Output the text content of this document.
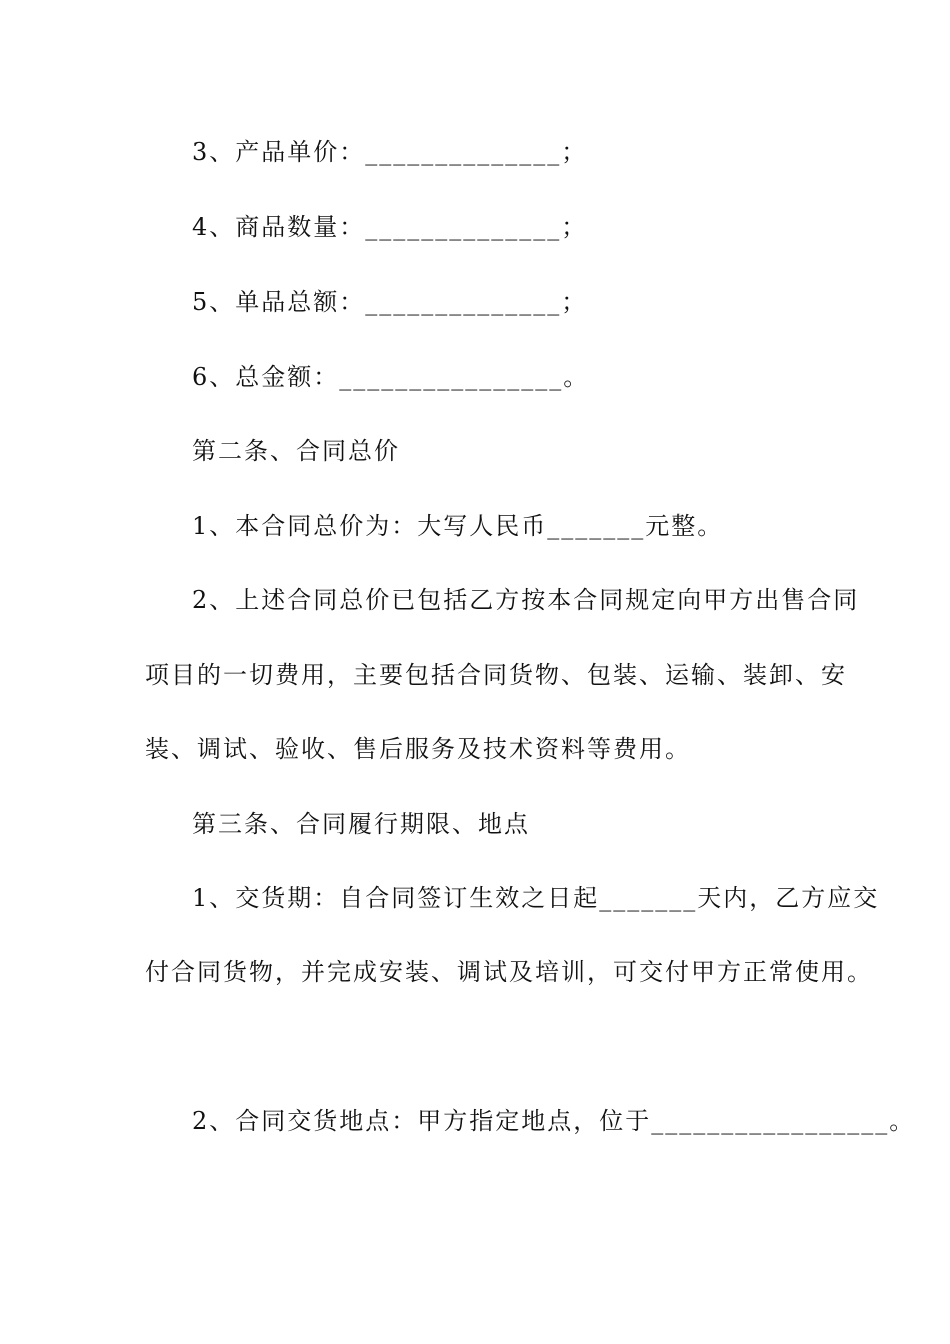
3、产品单价：______________；
4、商品数量：______________；
5、单品总额：______________；
6、总金额：________________。
第二条、合同总价
1、本合同总价为：大写人民币_______元整。
2、上述合同总价已包括乙方按本合同规定向甲方出售合同
项目的一切费用，主要包括合同货物、包装、运输、装卸、安
装、调试、验收、售后服务及技术资料等费用。
第三条、合同履行期限、地点
1、交货期：自合同签订生效之日起_______天内，乙方应交
付合同货物，并完成安装、调试及培训，可交付甲方正常使用。
2、合同交货地点：甲方指定地点，位于_________________。
